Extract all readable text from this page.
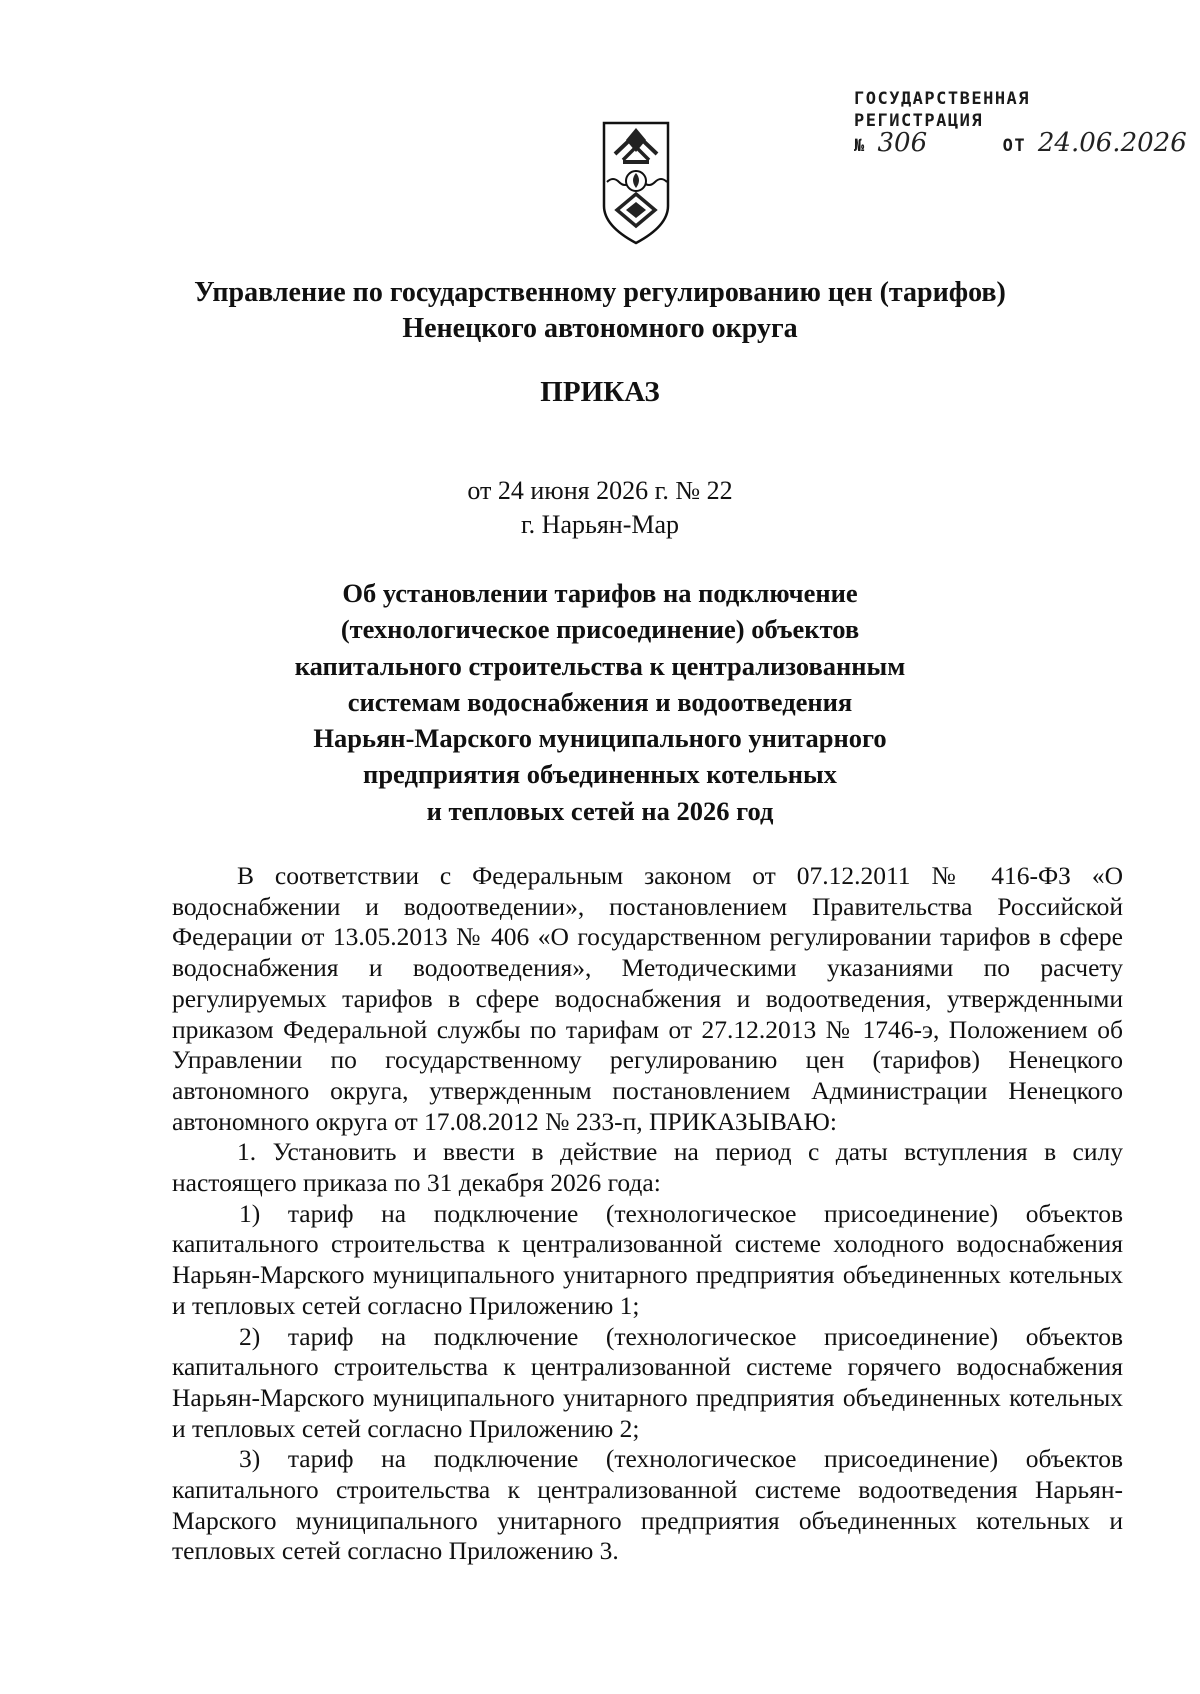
ГОСУДАРСТВЕННАЯ
РЕГИСТРАЦИЯ
№ 306	ОТ 24.06.2026
Управление по государственному регулированию цен (тарифов)
Ненецкого автономного округа
ПРИКАЗ
от 24 июня 2026 г. № 22
г. Нарьян-Мар
Об установлении тарифов на подключение
(технологическое присоединение) объектов
капитального строительства к централизованным
системам водоснабжения и водоотведения
Нарьян-Марского муниципального унитарного
предприятия объединенных котельных
и тепловых сетей на 2026 год

В соответствии с Федеральным законом от 07.12.2011 № 416-ФЗ «О водоснабжении и водоотведении», постановлением Правительства Российской Федерации от 13.05.2013 № 406 «О государственном регулировании тарифов в сфере водоснабжения и водоотведения», Методическими указаниями по расчету регулируемых тарифов в сфере водоснабжения и водоотведения, утвержденными приказом Федеральной службы по тарифам от 27.12.2013 № 1746-э, Положением об Управлении по государственному регулированию цен (тарифов) Ненецкого автономного округа, утвержденным постановлением Администрации Ненецкого автономного округа от 17.08.2012 № 233-п, ПРИКАЗЫВАЮ:

1. Установить и ввести в действие на период с даты вступления в силу настоящего приказа по 31 декабря 2026 года:

1) тариф на подключение (технологическое присоединение) объектов капитального строительства к централизованной системе холодного водоснабжения Нарьян-Марского муниципального унитарного предприятия объединенных котельных и тепловых сетей согласно Приложению 1;

2) тариф на подключение (технологическое присоединение) объектов капитального строительства к централизованной системе горячего водоснабжения Нарьян-Марского муниципального унитарного предприятия объединенных котельных и тепловых сетей согласно Приложению 2;

3) тариф на подключение (технологическое присоединение) объектов капитального строительства к централизованной системе водоотведения Нарьян-Марского муниципального унитарного предприятия объединенных котельных и тепловых сетей согласно Приложению 3.
